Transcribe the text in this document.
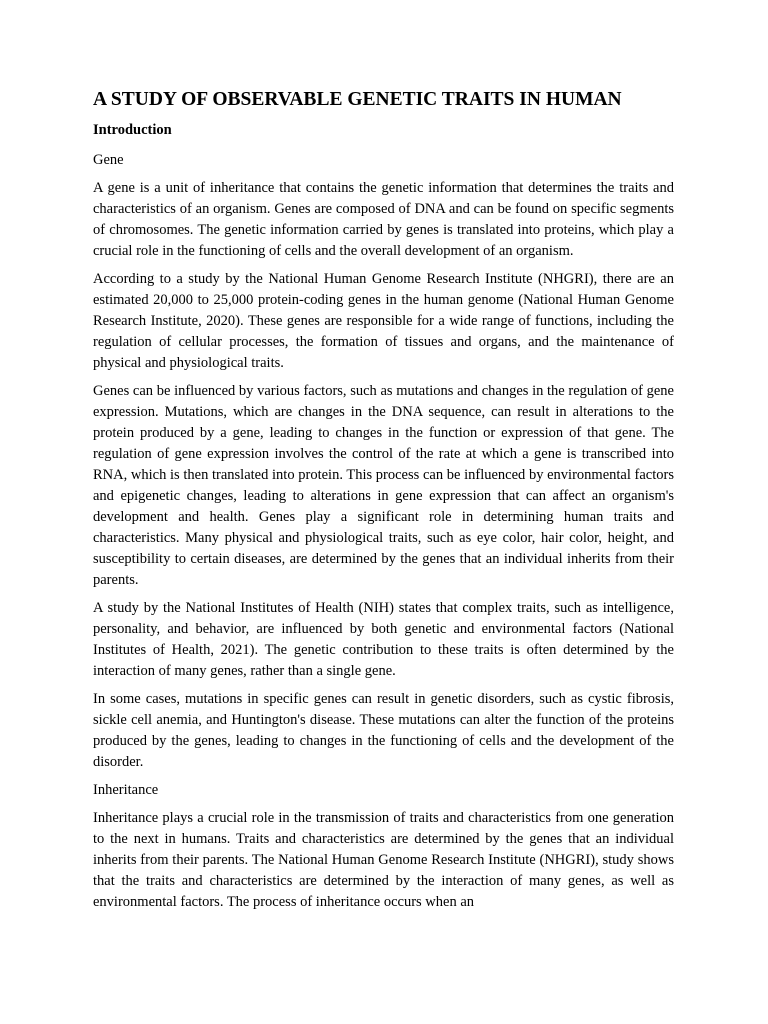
A STUDY OF OBSERVABLE GENETIC TRAITS IN HUMAN
Introduction
Gene

A gene is a unit of inheritance that contains the genetic information that determines the traits and characteristics of an organism. Genes are composed of DNA and can be found on specific segments of chromosomes. The genetic information carried by genes is translated into proteins, which play a crucial role in the functioning of cells and the overall development of an organism.

According to a study by the National Human Genome Research Institute (NHGRI), there are an estimated 20,000 to 25,000 protein-coding genes in the human genome (National Human Genome Research Institute, 2020). These genes are responsible for a wide range of functions, including the regulation of cellular processes, the formation of tissues and organs, and the maintenance of physical and physiological traits.

Genes can be influenced by various factors, such as mutations and changes in the regulation of gene expression. Mutations, which are changes in the DNA sequence, can result in alterations to the protein produced by a gene, leading to changes in the function or expression of that gene. The regulation of gene expression involves the control of the rate at which a gene is transcribed into RNA, which is then translated into protein. This process can be influenced by environmental factors and epigenetic changes, leading to alterations in gene expression that can affect an organism's development and health. Genes play a significant role in determining human traits and characteristics. Many physical and physiological traits, such as eye color, hair color, height, and susceptibility to certain diseases, are determined by the genes that an individual inherits from their parents.

A study by the National Institutes of Health (NIH) states that complex traits, such as intelligence, personality, and behavior, are influenced by both genetic and environmental factors (National Institutes of Health, 2021). The genetic contribution to these traits is often determined by the interaction of many genes, rather than a single gene.

In some cases, mutations in specific genes can result in genetic disorders, such as cystic fibrosis, sickle cell anemia, and Huntington's disease. These mutations can alter the function of the proteins produced by the genes, leading to changes in the functioning of cells and the development of the disorder.

Inheritance

Inheritance plays a crucial role in the transmission of traits and characteristics from one generation to the next in humans. Traits and characteristics are determined by the genes that an individual inherits from their parents. The National Human Genome Research Institute (NHGRI), study shows that the traits and characteristics are determined by the interaction of many genes, as well as environmental factors. The process of inheritance occurs when an
